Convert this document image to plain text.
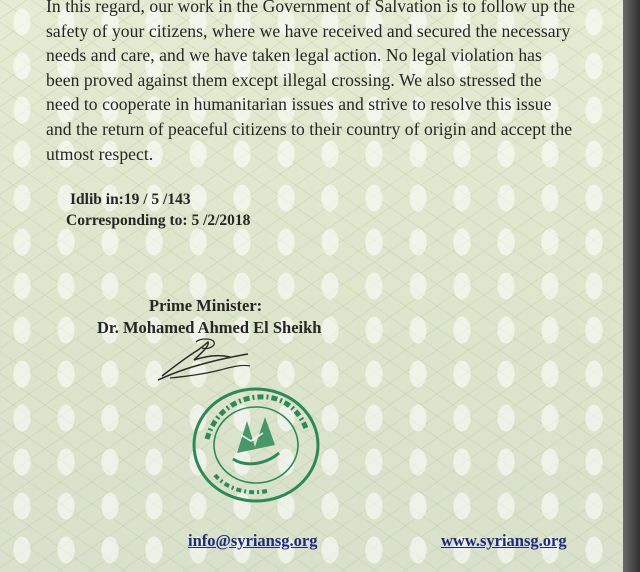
In this regard, our work in the Government of Salvation is to follow up the
safety of your citizens, where we have received and secured the necessary
needs and care, and we have taken legal action. No legal violation has
been proved against them except illegal crossing. We also stressed the
need to cooperate in humanitarian issues and strive to resolve this issue
and the return of peaceful citizens to their country of origin and accept the
utmost respect.
Idlib in:19 / 5 /143
Corresponding to: 5 /2/2018
Prime Minister:
Dr. Mohamed Ahmed El Sheikh
info@syriansg.org	www.syriansg.org
